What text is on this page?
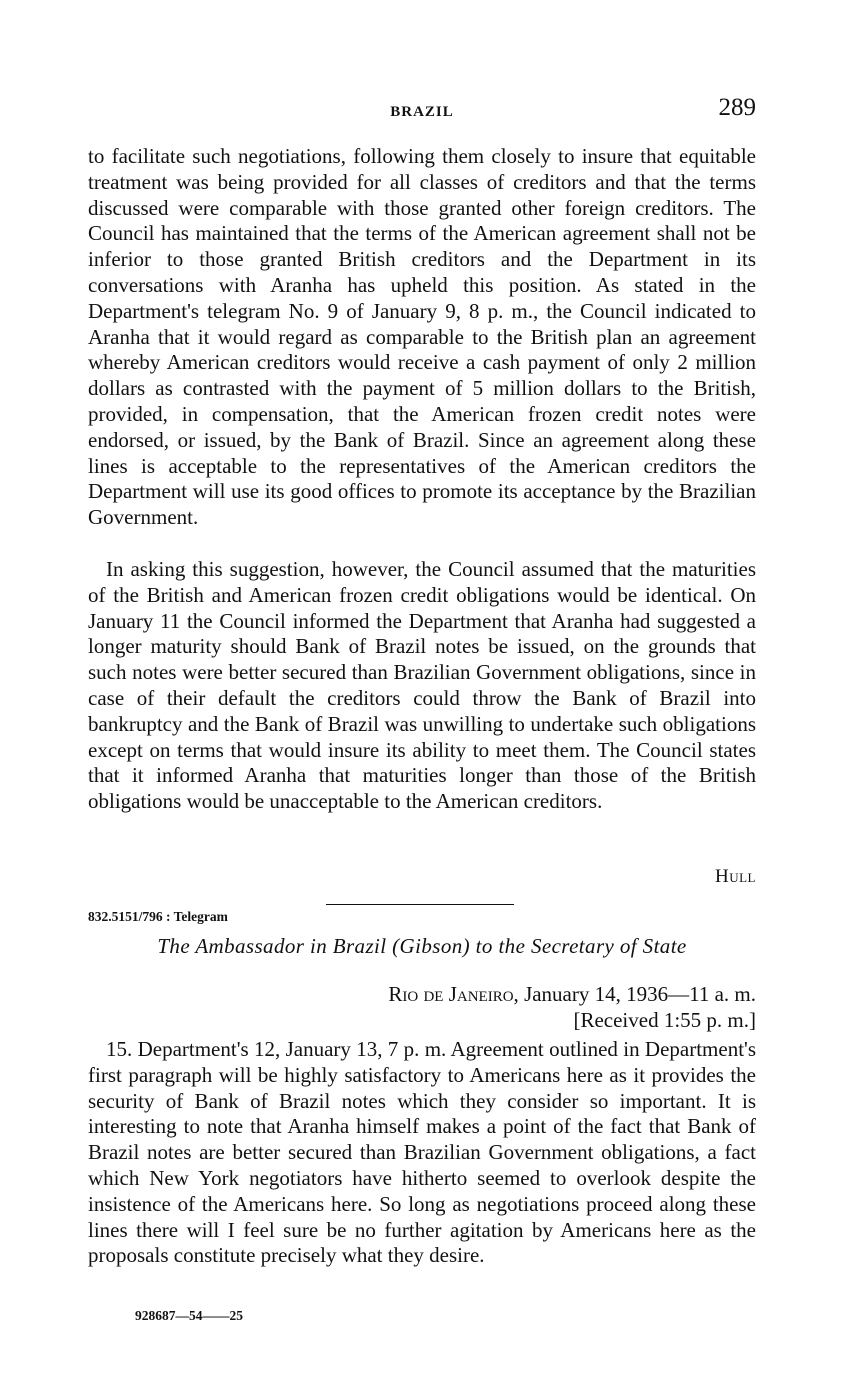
BRAZIL	289

to facilitate such negotiations, following them closely to insure that equitable treatment was being provided for all classes of creditors and that the terms discussed were comparable with those granted other foreign creditors. The Council has maintained that the terms of the American agreement shall not be inferior to those granted British creditors and the Department in its conversations with Aranha has upheld this position. As stated in the Department's telegram No. 9 of January 9, 8 p. m., the Council indicated to Aranha that it would regard as comparable to the British plan an agreement whereby American creditors would receive a cash payment of only 2 million dollars as contrasted with the payment of 5 million dollars to the British, provided, in compensation, that the American frozen credit notes were endorsed, or issued, by the Bank of Brazil. Since an agreement along these lines is acceptable to the representatives of the American creditors the Department will use its good offices to promote its acceptance by the Brazilian Government.

In asking this suggestion, however, the Council assumed that the maturities of the British and American frozen credit obligations would be identical. On January 11 the Council informed the Department that Aranha had suggested a longer maturity should Bank of Brazil notes be issued, on the grounds that such notes were better secured than Brazilian Government obligations, since in case of their default the creditors could throw the Bank of Brazil into bankruptcy and the Bank of Brazil was unwilling to undertake such obligations except on terms that would insure its ability to meet them. The Council states that it informed Aranha that maturities longer than those of the British obligations would be unacceptable to the American creditors.

Hull
832.5151/796 : Telegram
The Ambassador in Brazil (Gibson) to the Secretary of State
Rio de Janeiro, January 14, 1936—11 a. m.
[Received 1:55 p. m.]

15. Department's 12, January 13, 7 p. m. Agreement outlined in Department's first paragraph will be highly satisfactory to Americans here as it provides the security of Bank of Brazil notes which they consider so important. It is interesting to note that Aranha himself makes a point of the fact that Bank of Brazil notes are better secured than Brazilian Government obligations, a fact which New York negotiators have hitherto seemed to overlook despite the insistence of the Americans here. So long as negotiations proceed along these lines there will I feel sure be no further agitation by Americans here as the proposals constitute precisely what they desire.

928687—54——25
